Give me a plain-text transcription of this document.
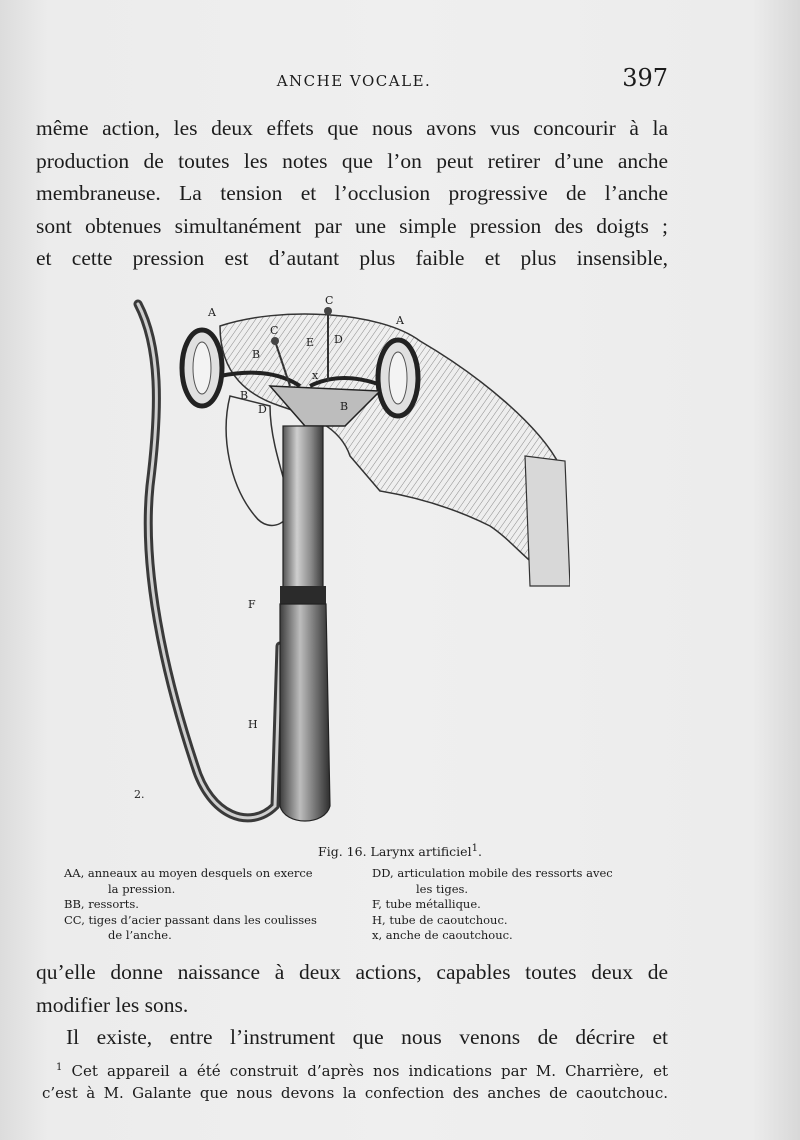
ANCHE VOCALE.	397
même action, les deux effets que nous avons vus concourir à la
production de toutes les notes que l’on peut retirer d’une anche
membraneuse. La tension et l’occlusion progressive de l’anche
sont obtenues simultanément par une simple pression des doigts ;
et cette pression est d’autant plus faible et plus insensible,
A
A
C
C
E D
B
B
D	B
x
F
H
2.
Fig. 16. Larynx artificiel$^1$.
AA, anneaux au moyen desquels on exerce
la pression.
BB, ressorts.
CC, tiges d’acier passant dans les coulisses
de l’anche.
DD, articulation mobile des ressorts avec
les tiges.
F, tube métallique.
H, tube de caoutchouc.
x, anche de caoutchouc.
qu’elle donne naissance à deux actions, capables toutes deux de
modifier les sons.
Il existe, entre l’instrument que nous venons de décrire et
$^1$ Cet appareil a été construit d’après nos indications par M. Charrière, et
c’est à M. Galante que nous devons la confection des anches de caoutchouc.
